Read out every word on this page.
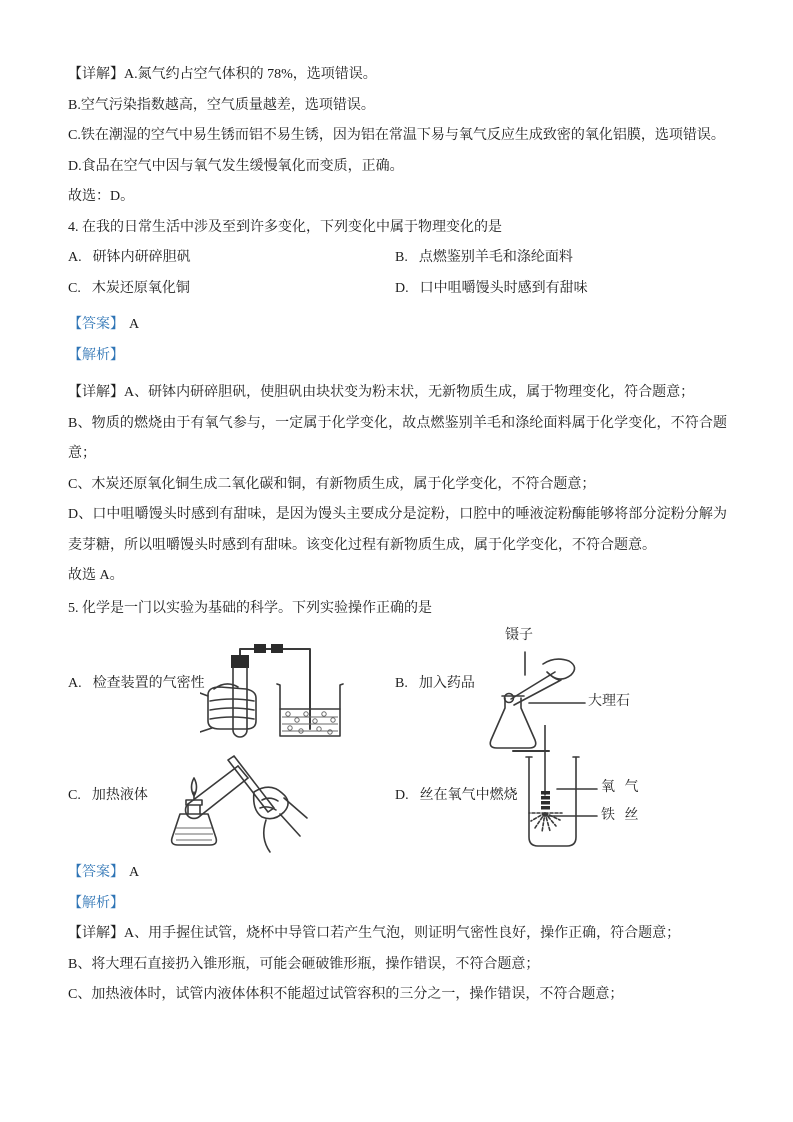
【详解】A.氮气约占空气体积的 78%，选项错误。

B.空气污染指数越高，空气质量越差，选项错误。

C.铁在潮湿的空气中易生锈而铝不易生锈，因为铝在常温下易与氧气反应生成致密的氧化铝膜，选项错误。

D.食品在空气中因与氧气发生缓慢氧化而变质，正确。

故选：D。

4. 在我的日常生活中涉及至到许多变化，下列变化中属于物理变化的是

A. 研钵内研碎胆矾	B. 点燃鉴别羊毛和涤纶面料
C. 木炭还原氧化铜	D. 口中咀嚼馒头时感到有甜味

【答案】 A

【解析】

【详解】A、研钵内研碎胆矾，使胆矾由块状变为粉末状，无新物质生成，属于物理变化，符合题意；

B、物质的燃烧由于有氧气参与，一定属于化学变化，故点燃鉴别羊毛和涤纶面料属于化学变化，不符合题意；

C、木炭还原氧化铜生成二氧化碳和铜，有新物质生成，属于化学变化，不符合题意；

D、口中咀嚼馒头时感到有甜味，是因为馒头主要成分是淀粉，口腔中的唾液淀粉酶能够将部分淀粉分解为麦芽糖，所以咀嚼馒头时感到有甜味。该变化过程有新物质生成，属于化学变化，不符合题意。

故选 A。

5. 化学是一门以实验为基础的科学。下列实验操作正确的是

A. 检查装置的气密性	B. 加入药品
C. 加热液体	D. 丝在氧气中燃烧
镊子
大理石
氧 气
铁 丝

【答案】 A

【解析】

【详解】A、用手握住试管，烧杯中导管口若产生气泡，则证明气密性良好，操作正确，符合题意；

B、将大理石直接扔入锥形瓶，可能会砸破锥形瓶，操作错误，不符合题意；

C、加热液体时，试管内液体体积不能超过试管容积的三分之一，操作错误，不符合题意；
